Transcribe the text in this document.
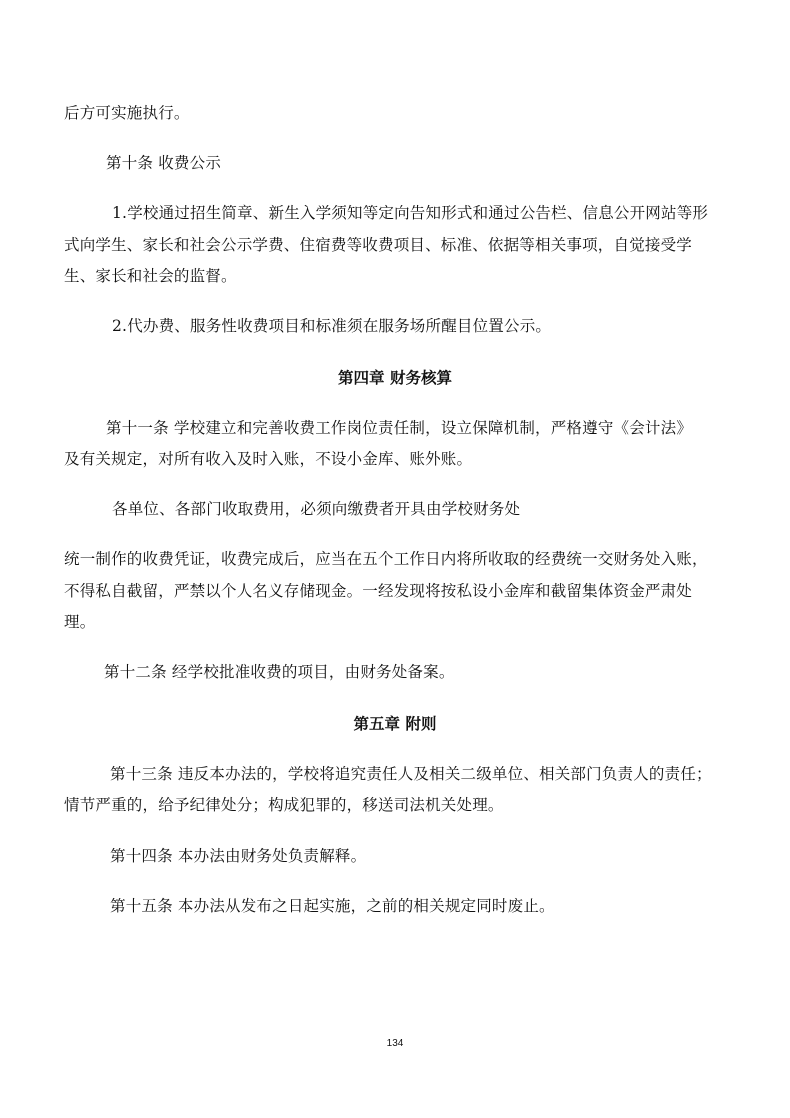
后方可实施执行。
第十条 收费公示
1.学校通过招生简章、新生入学须知等定向告知形式和通过公告栏、信息公开网站等形
式向学生、家长和社会公示学费、住宿费等收费项目、标准、依据等相关事项，自觉接受学
生、家长和社会的监督。
2.代办费、服务性收费项目和标准须在服务场所醒目位置公示。
第四章 财务核算
第十一条 学校建立和完善收费工作岗位责任制，设立保障机制，严格遵守《会计法》
及有关规定，对所有收入及时入账，不设小金库、账外账。
各单位、各部门收取费用，必须向缴费者开具由学校财务处
统一制作的收费凭证，收费完成后，应当在五个工作日内将所收取的经费统一交财务处入账，
不得私自截留，严禁以个人名义存储现金。一经发现将按私设小金库和截留集体资金严肃处
理。
第十二条 经学校批准收费的项目，由财务处备案。
第五章 附则
第十三条 违反本办法的，学校将追究责任人及相关二级单位、相关部门负责人的责任；
情节严重的，给予纪律处分；构成犯罪的，移送司法机关处理。
第十四条 本办法由财务处负责解释。
第十五条 本办法从发布之日起实施，之前的相关规定同时废止。
134
